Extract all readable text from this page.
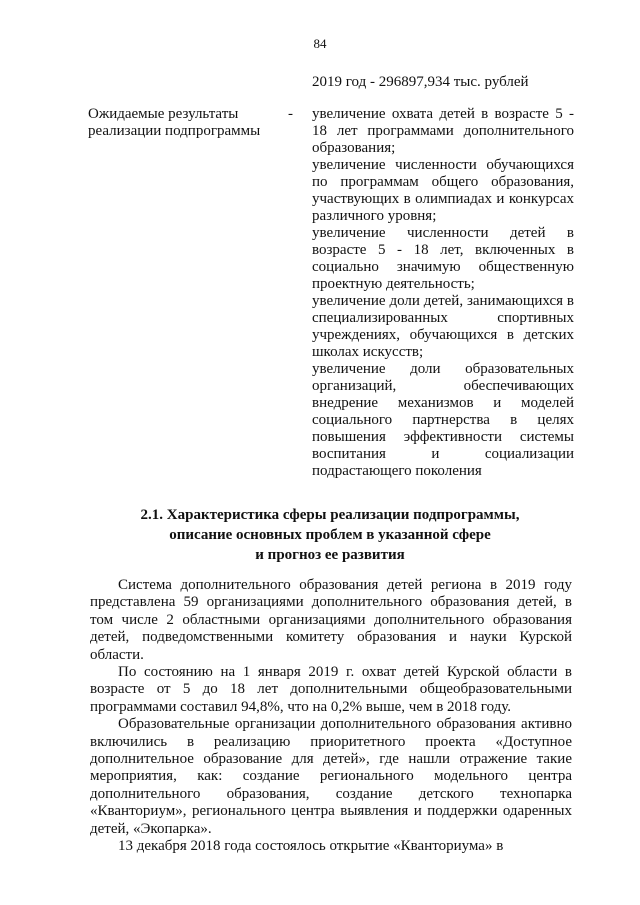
84
2019 год - 296897,934 тыс. рублей
Ожидаемые результаты реализации подпрограммы
- увеличение охвата детей в возрасте 5 - 18 лет программами дополнительного образования;
увеличение численности обучающихся по программам общего образования, участвующих в олимпиадах и конкурсах различного уровня;
увеличение численности детей в возрасте 5 - 18 лет, включенных в социально значимую общественную проектную деятельность;
увеличение доли детей, занимающихся в специализированных спортивных учреждениях, обучающихся в детских школах искусств;
увеличение доли образовательных организаций, обеспечивающих внедрение механизмов и моделей социального партнерства в целях повышения эффективности системы воспитания и социализации подрастающего поколения
2.1. Характеристика сферы реализации подпрограммы,
описание основных проблем в указанной сфере
и прогноз ее развития

Система дополнительного образования детей региона в 2019 году представлена 59 организациями дополнительного образования детей, в том числе 2 областными организациями дополнительного образования детей, подведомственными комитету образования и науки Курской области.

По состоянию на 1 января 2019 г. охват детей Курской области в возрасте от 5 до 18 лет дополнительными общеобразовательными программами составил 94,8%, что на 0,2% выше, чем в 2018 году.

Образовательные организации дополнительного образования активно включились в реализацию приоритетного проекта «Доступное дополнительное образование для детей», где нашли отражение такие мероприятия, как: создание регионального модельного центра дополнительного образования, создание детского технопарка «Кванториум», регионального центра выявления и поддержки одаренных детей, «Экопарка».

13 декабря 2018 года состоялось открытие «Кванториума» в
